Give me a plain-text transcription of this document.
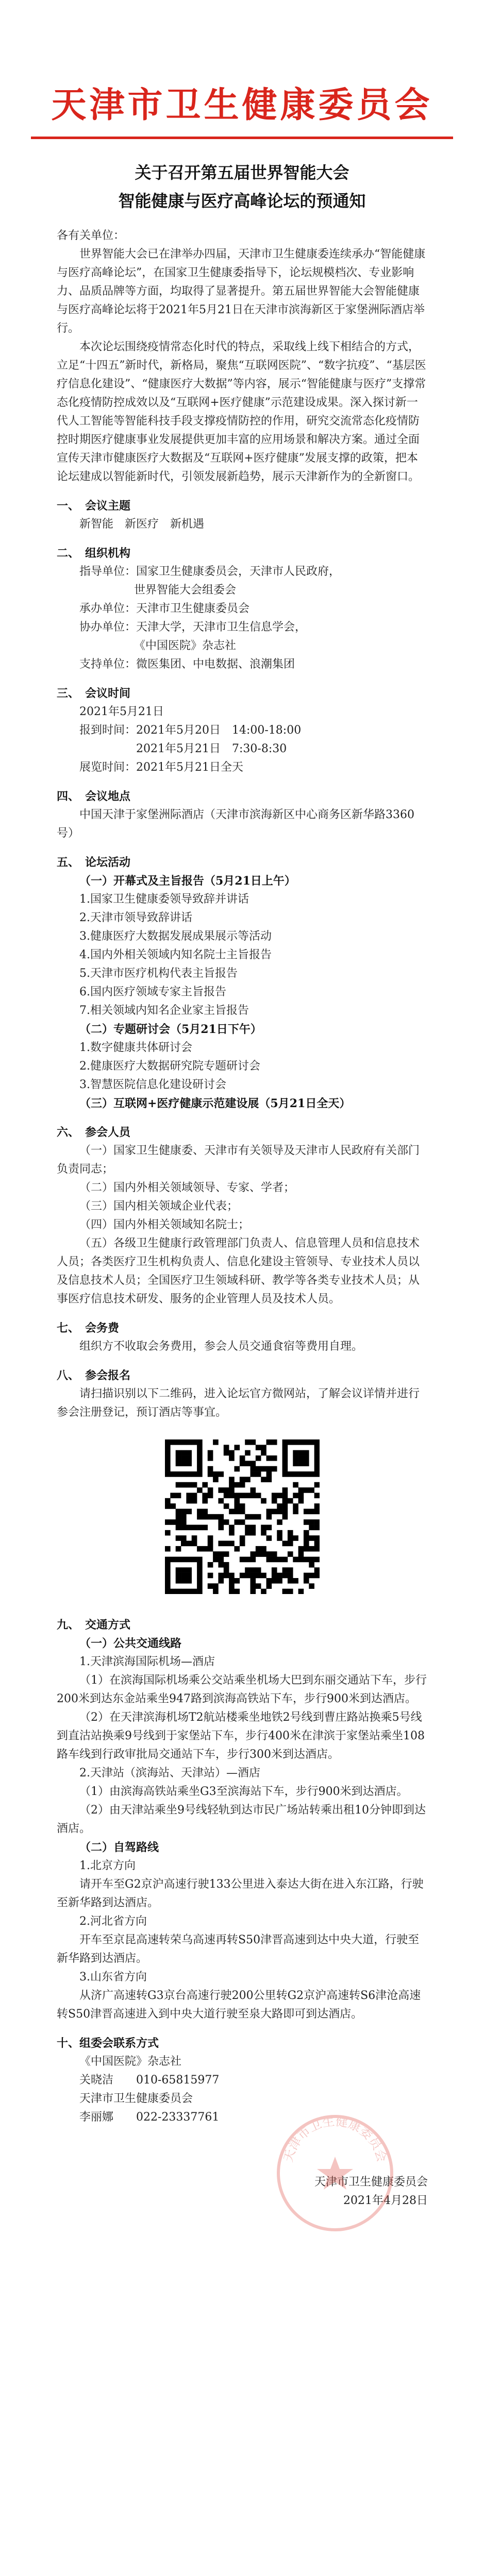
天津市卫生健康委员会
关于召开第五届世界智能大会
智能健康与医疗高峰论坛的预通知

各有关单位：

世界智能大会已在津举办四届，天津市卫生健康委连续承办“智能健康与医疗高峰论坛”，在国家卫生健康委指导下，论坛规模档次、专业影响力、品质品牌等方面，均取得了显著提升。第五届世界智能大会智能健康与医疗高峰论坛将于2021年5月21日在天津市滨海新区于家堡洲际酒店举行。

本次论坛围绕疫情常态化时代的特点，采取线上线下相结合的方式，立足“十四五”新时代，新格局，聚焦“互联网医院”、“数字抗疫”、“基层医疗信息化建设”、“健康医疗大数据”等内容，展示“智能健康与医疗”支撑常态化疫情防控成效以及“互联网+医疗健康”示范建设成果。深入探讨新一代人工智能等智能科技手段支撑疫情防控的作用，研究交流常态化疫情防控时期医疗健康事业发展提供更加丰富的应用场景和解决方案。通过全面宣传天津市健康医疗大数据及“互联网+医疗健康”发展支撑的政策，把本论坛建成以智能新时代，引领发展新趋势，展示天津新作为的全新窗口。

一、　会议主题

新智能　新医疗　新机遇

二、　组织机构

指导单位：国家卫生健康委员会，天津市人民政府，

世界智能大会组委会

承办单位：天津市卫生健康委员会

协办单位：天津大学，天津市卫生信息学会，

《中国医院》杂志社

支持单位：微医集团、中电数据、浪潮集团

三、　会议时间

2021年5月21日

报到时间：2021年5月20日　14:00-18:00

2021年5月21日　7:30-8:30

展览时间：2021年5月21日全天

四、　会议地点

中国天津于家堡洲际酒店（天津市滨海新区中心商务区新华路3360号）

五、　论坛活动

（一）开幕式及主旨报告（5月21日上午）

1.国家卫生健康委领导致辞并讲话

2.天津市领导致辞讲话

3.健康医疗大数据发展成果展示等活动

4.国内外相关领域内知名院士主旨报告

5.天津市医疗机构代表主旨报告

6.国内医疗领域专家主旨报告

7.相关领域内知名企业家主旨报告

（二）专题研讨会（5月21日下午）

1.数字健康共体研讨会

2.健康医疗大数据研究院专题研讨会

3.智慧医院信息化建设研讨会

（三）互联网+医疗健康示范建设展（5月21日全天）

六、　参会人员

（一）国家卫生健康委、天津市有关领导及天津市人民政府有关部门负责同志；

（二）国内外相关领域领导、专家、学者；

（三）国内相关领域企业代表；

（四）国内外相关领域知名院士；

（五）各级卫生健康行政管理部门负责人、信息管理人员和信息技术人员；各类医疗卫生机构负责人、信息化建设主管领导、专业技术人员以及信息技术人员；全国医疗卫生领域科研、教学等各类专业技术人员；从事医疗信息技术研发、服务的企业管理人员及技术人员。

七、　会务费

组织方不收取会务费用，参会人员交通食宿等费用自理。

八、　参会报名

请扫描识别以下二维码，进入论坛官方微网站，了解会议详情并进行参会注册登记，预订酒店等事宜。

九、　交通方式

（一）公共交通线路

1.天津滨海国际机场—酒店

（1）在滨海国际机场乘公交站乘坐机场大巴到东丽交通站下车，步行200米到达东金站乘坐947路到滨海高铁站下车，步行900米到达酒店。

（2）在天津滨海机场T2航站楼乘坐地铁2号线到曹庄路站换乘5号线到直沽站换乘9号线到于家堡站下车，步行400米在津滨于家堡站乘坐108路车线到行政审批局交通站下车，步行300米到达酒店。

2.天津站（滨海站、天津站）—酒店

（1）由滨海高铁站乘坐G3至滨海站下车，步行900米到达酒店。

（2）由天津站乘坐9号线轻轨到达市民广场站转乘出租10分钟即到达酒店。

（二）自驾路线

1.北京方向

请开车至G2京沪高速行驶133公里进入泰达大街在进入东江路，行驶至新华路到达酒店。

2.河北省方向

开车至京昆高速转荣乌高速再转S50津晋高速到达中央大道，行驶至新华路到达酒店。

3.山东省方向

从济广高速转G3京台高速行驶200公里转G2京沪高速转S6津沧高速转S50津晋高速进入到中央大道行驶至泉大路即可到达酒店。

十、组委会联系方式

《中国医院》杂志社

关晓洁　　010-65815977

天津市卫生健康委员会

李丽娜　　022-23337761

天津市卫生健康委员会
天津市卫生健康委员会

2021年4月28日
